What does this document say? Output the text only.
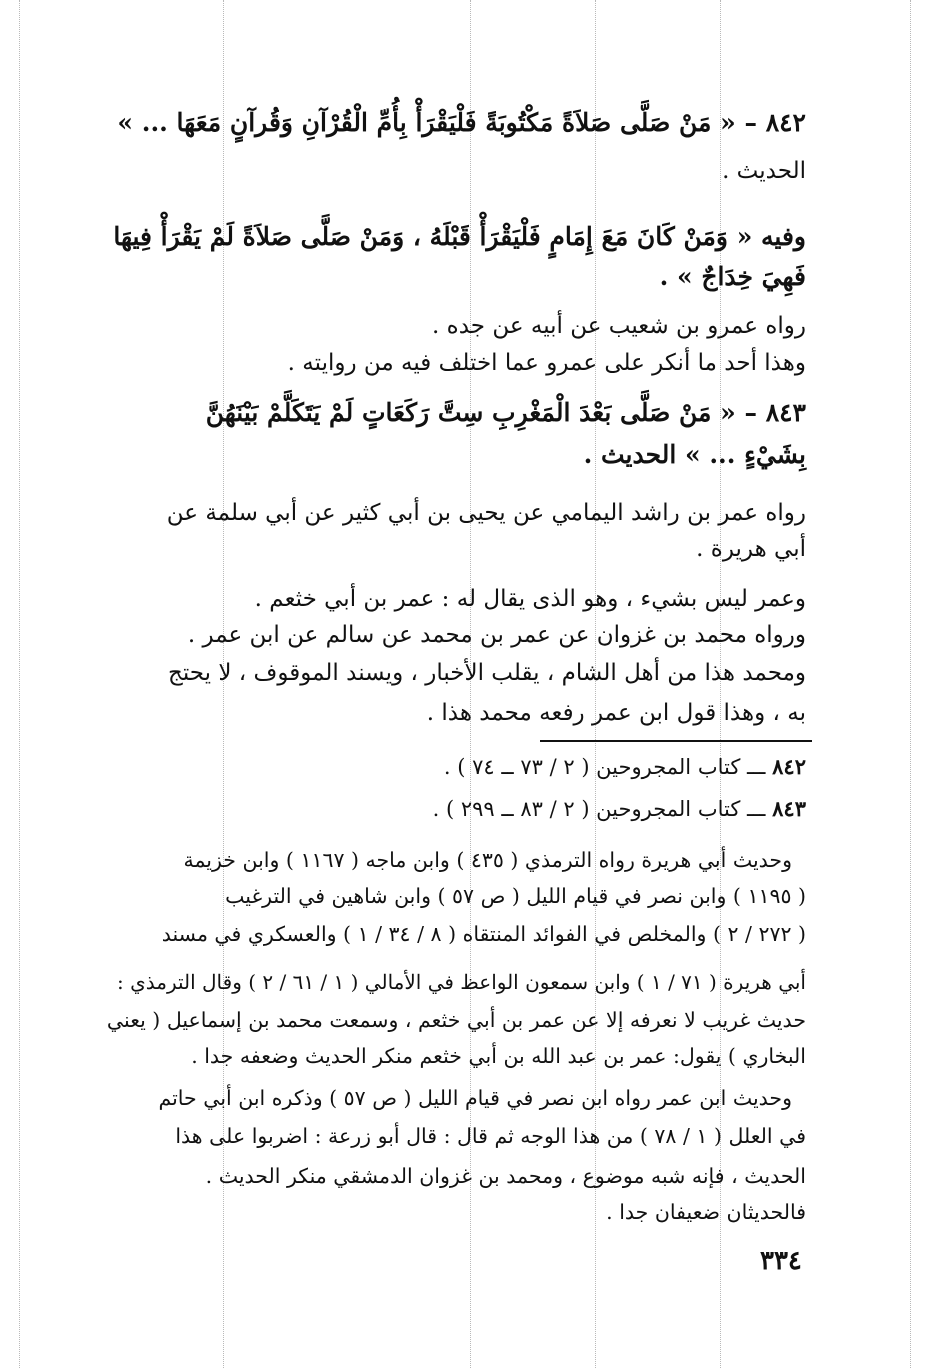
٨٤٢ – « مَنْ صَلَّى صَلاَةً مَكْتُوبَةً فَلْيَقْرَأْ بِأُمِّ الْقُرْآنِ وَقُرآنٍ مَعَهَا ... »
الحديث .
وفيه « وَمَنْ كَانَ مَعَ إِمَامٍ فَلْيَقْرَأْ قَبْلَهُ ، وَمَنْ صَلَّى صَلاَةً لَمْ يَقْرَأْ فِيهَا
فَهِيَ خِدَاجٌ » .
رواه عمرو بن شعيب عن أبيه عن جده .
وهذا أحد ما أنكر على عمرو عما اختلف فيه من روايته .
٨٤٣ – « مَنْ صَلَّى بَعْدَ الْمَغْرِبِ سِتَّ رَكَعَاتٍ لَمْ يَتَكَلَّمْ بَيْنَهُنَّ
بِشَيْءٍ ... » الحديث .
رواه عمر بن راشد اليمامي عن يحيى بن أبي كثير عن أبي سلمة عن
أبي هريرة .
وعمر ليس بشيء ، وهو الذى يقال له : عمر بن أبي خثعم .
ورواه محمد بن غزوان عن عمر بن محمد عن سالم عن ابن عمر .
ومحمد هذا من أهل الشام ، يقلب الأخبار ، ويسند الموقوف ، لا يحتج
به ، وهذا قول ابن عمر رفعه محمد هذا .
٨٤٢ ـــ كتاب المجروحين ( ٢ / ٧٣ ــ ٧٤ ) .
٨٤٣ ـــ كتاب المجروحين ( ٢ / ٨٣ ــ ٢٩٩ ) .
وحديث أبي هريرة رواه الترمذي ( ٤٣٥ ) وابن ماجه ( ١١٦٧ ) وابن خزيمة
( ١١٩٥ ) وابن نصر في قيام الليل ( ص ٥٧ ) وابن شاهين في الترغيب
( ٢٧٢ / ٢ ) والمخلص في الفوائد المنتقاه ( ٨ / ٣٤ / ١ ) والعسكري في مسند
أبي هريرة ( ٧١ / ١ ) وابن سمعون الواعظ في الأمالي ( ١ / ٦١ / ٢ ) وقال الترمذي :
حديث غريب لا نعرفه إلا عن عمر بن أبي خثعم ، وسمعت محمد بن إسماعيل ( يعني
البخاري ) يقول: عمر بن عبد الله بن أبي خثعم منكر الحديث وضعفه جدا .
وحديث ابن عمر رواه ابن نصر في قيام الليل ( ص ٥٧ ) وذكره ابن أبي حاتم
في العلل ( ١ / ٧٨ ) من هذا الوجه ثم قال : قال أبو زرعة : اضربوا على هذا
الحديث ، فإنه شبه موضوع ، ومحمد بن غزوان الدمشقي منكر الحديث .
فالحديثان ضعيفان جدا .
٣٣٤
